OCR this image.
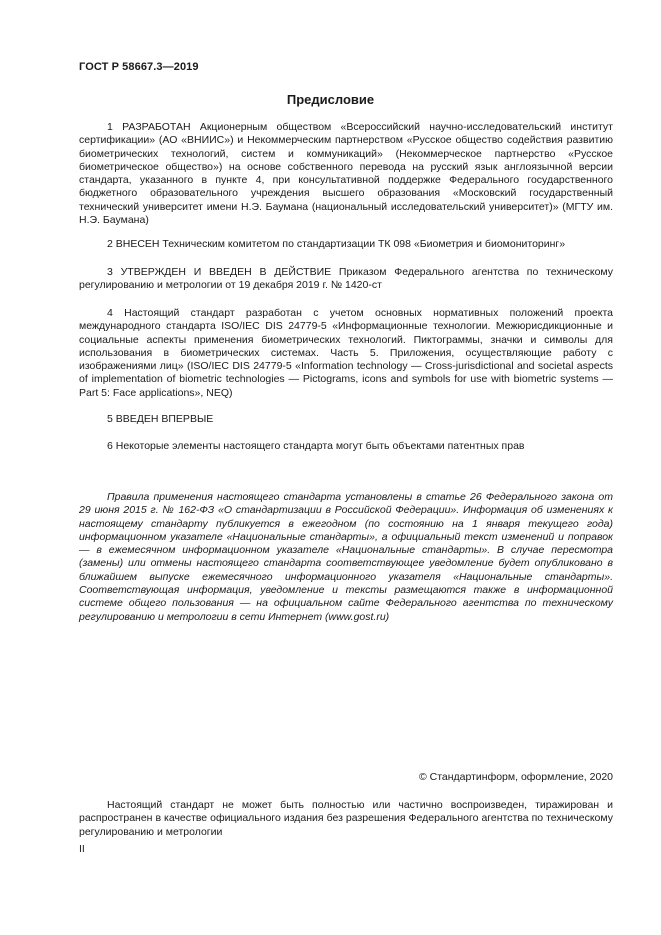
ГОСТ Р 58667.3—2019
Предисловие

1 РАЗРАБОТАН Акционерным обществом «Всероссийский научно-исследовательский институт сертификации» (АО «ВНИИС») и Некоммерческим партнерством «Русское общество содействия развитию биометрических технологий, систем и коммуникаций» (Некоммерческое партнерство «Русское биометрическое общество») на основе собственного перевода на русский язык англоязычной версии стандарта, указанного в пункте 4, при консультативной поддержке Федерального государственного бюджетного образовательного учреждения высшего образования «Московский государственный технический университет имени Н.Э. Баумана (национальный исследовательский университет)» (МГТУ им. Н.Э. Баумана)

2 ВНЕСЕН Техническим комитетом по стандартизации ТК 098 «Биометрия и биомониторинг»

3 УТВЕРЖДЕН И ВВЕДЕН В ДЕЙСТВИЕ Приказом Федерального агентства по техническому регулированию и метрологии от 19 декабря 2019 г. № 1420-ст

4 Настоящий стандарт разработан с учетом основных нормативных положений проекта международного стандарта ISO/IEC DIS 24779-5 «Информационные технологии. Межюрисдикционные и социальные аспекты применения биометрических технологий. Пиктограммы, значки и символы для использования в биометрических системах. Часть 5. Приложения, осуществляющие работу с изображениями лиц» (ISO/IEC DIS 24779-5 «Information technology — Cross-jurisdictional and societal aspects of implementation of biometric technologies — Pictograms, icons and symbols for use with biometric systems — Part 5: Face applications», NEQ)

5 ВВЕДЕН ВПЕРВЫЕ

6 Некоторые элементы настоящего стандарта могут быть объектами патентных прав

Правила применения настоящего стандарта установлены в статье 26 Федерального закона от 29 июня 2015 г. № 162-ФЗ «О стандартизации в Российской Федерации». Информация об изменениях к настоящему стандарту публикуется в ежегодном (по состоянию на 1 января текущего года) информационном указателе «Национальные стандарты», а официальный текст изменений и поправок — в ежемесячном информационном указателе «Национальные стандарты». В случае пересмотра (замены) или отмены настоящего стандарта соответствующее уведомление будет опубликовано в ближайшем выпуске ежемесячного информационного указателя «Национальные стандарты». Соответствующая информация, уведомление и тексты размещаются также в информационной системе общего пользования — на официальном сайте Федерального агентства по техническому регулированию и метрологии в сети Интернет (www.gost.ru)

© Стандартинформ, оформление, 2020

Настоящий стандарт не может быть полностью или частично воспроизведен, тиражирован и распространен в качестве официального издания без разрешения Федерального агентства по техническому регулированию и метрологии

II
